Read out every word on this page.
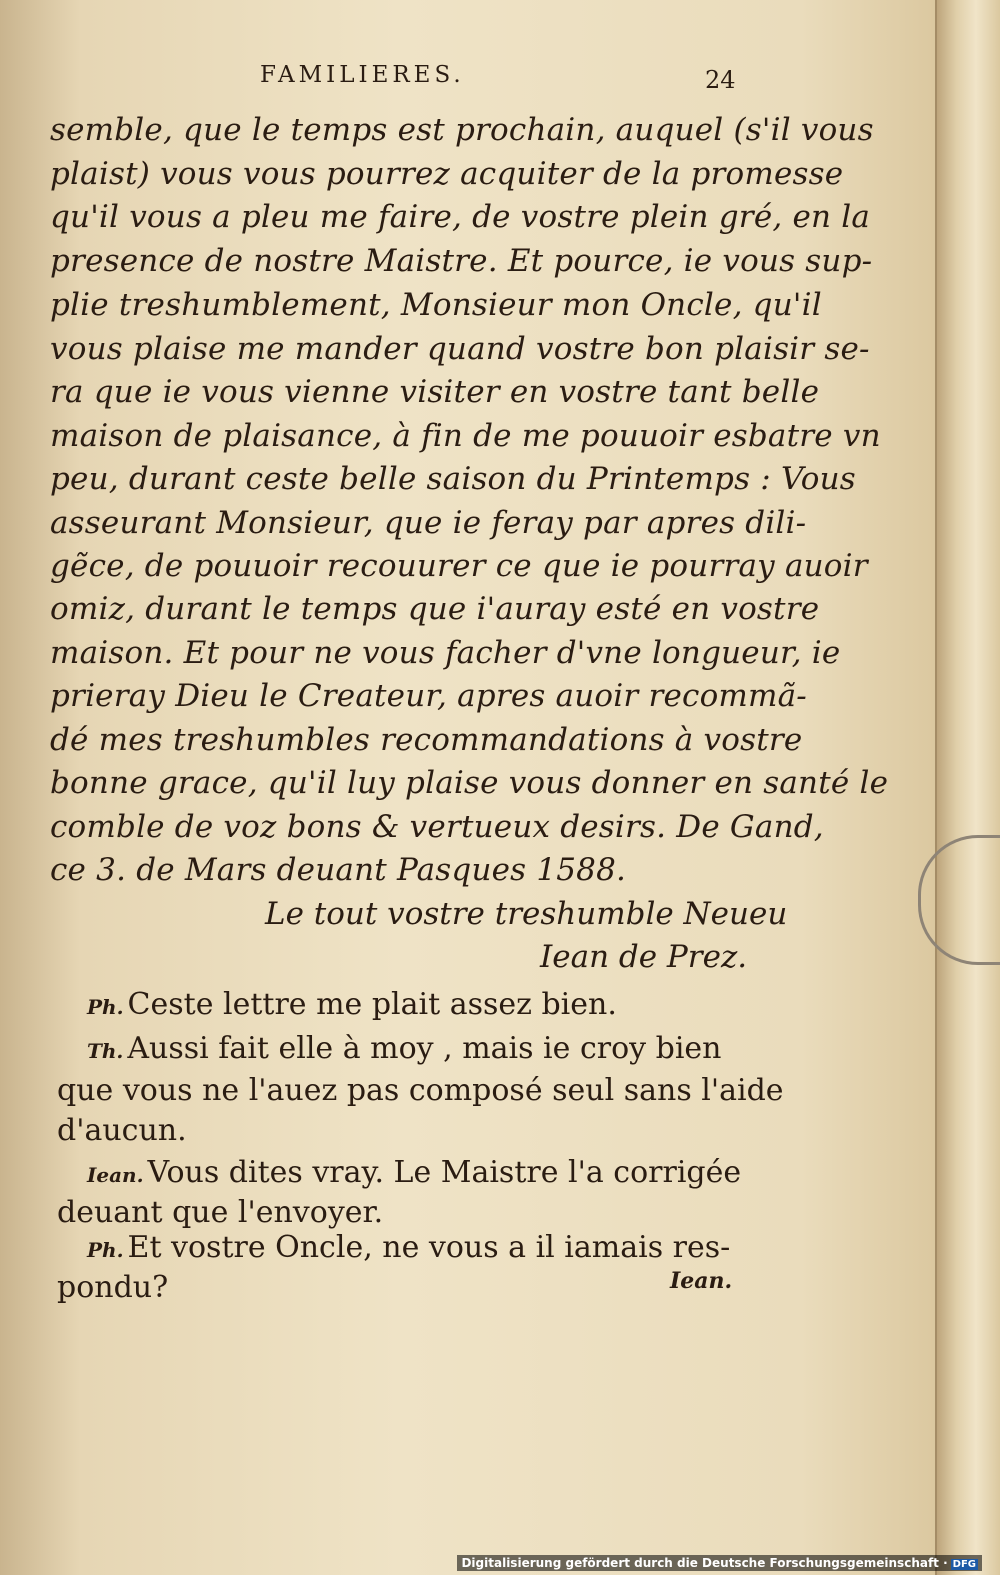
FAMILIERES.	24
semble, que le temps est prochain, auquel (s'il vous
plaist) vous vous pourrez acquiter de la promesse
qu'il vous a pleu me faire, de vostre plein gré, en la
presence de nostre Maistre. Et pource, ie vous sup-
plie treshumblement, Monsieur mon Oncle, qu'il
vous plaise me mander quand vostre bon plaisir se-
ra que ie vous vienne visiter en vostre tant belle
maison de plaisance, à fin de me pouuoir esbatre vn
peu, durant ceste belle saison du Printemps : Vous
asseurant Monsieur, que ie feray par apres dili-
gẽce, de pouuoir recouurer ce que ie pourray auoir
omiz, durant le temps que i'auray esté en vostre
maison. Et pour ne vous facher d'vne longueur, ie
prieray Dieu le Createur, apres auoir recommã-
dé mes treshumbles recommandations à vostre
bonne grace, qu'il luy plaise vous donner en santé le
comble de voz bons & vertueux desirs. De Gand,
ce 3. de Mars deuant Pasques 1588.
Le tout vostre treshumble Neueu
Iean de Prez.
Ph. Ceste lettre me plait assez bien.
Th. Aussi fait elle à moy , mais ie croy bien
que vous ne l'auez pas composé seul sans l'aide
d'aucun.
Iean. Vous dites vray. Le Maistre l'a corrigée
deuant que l'envoyer.
Ph. Et vostre Oncle, ne vous a il iamais res-
pondu?	Iean.
Digitalisierung gefördert durch die Deutsche Forschungsgemeinschaft · DFG
